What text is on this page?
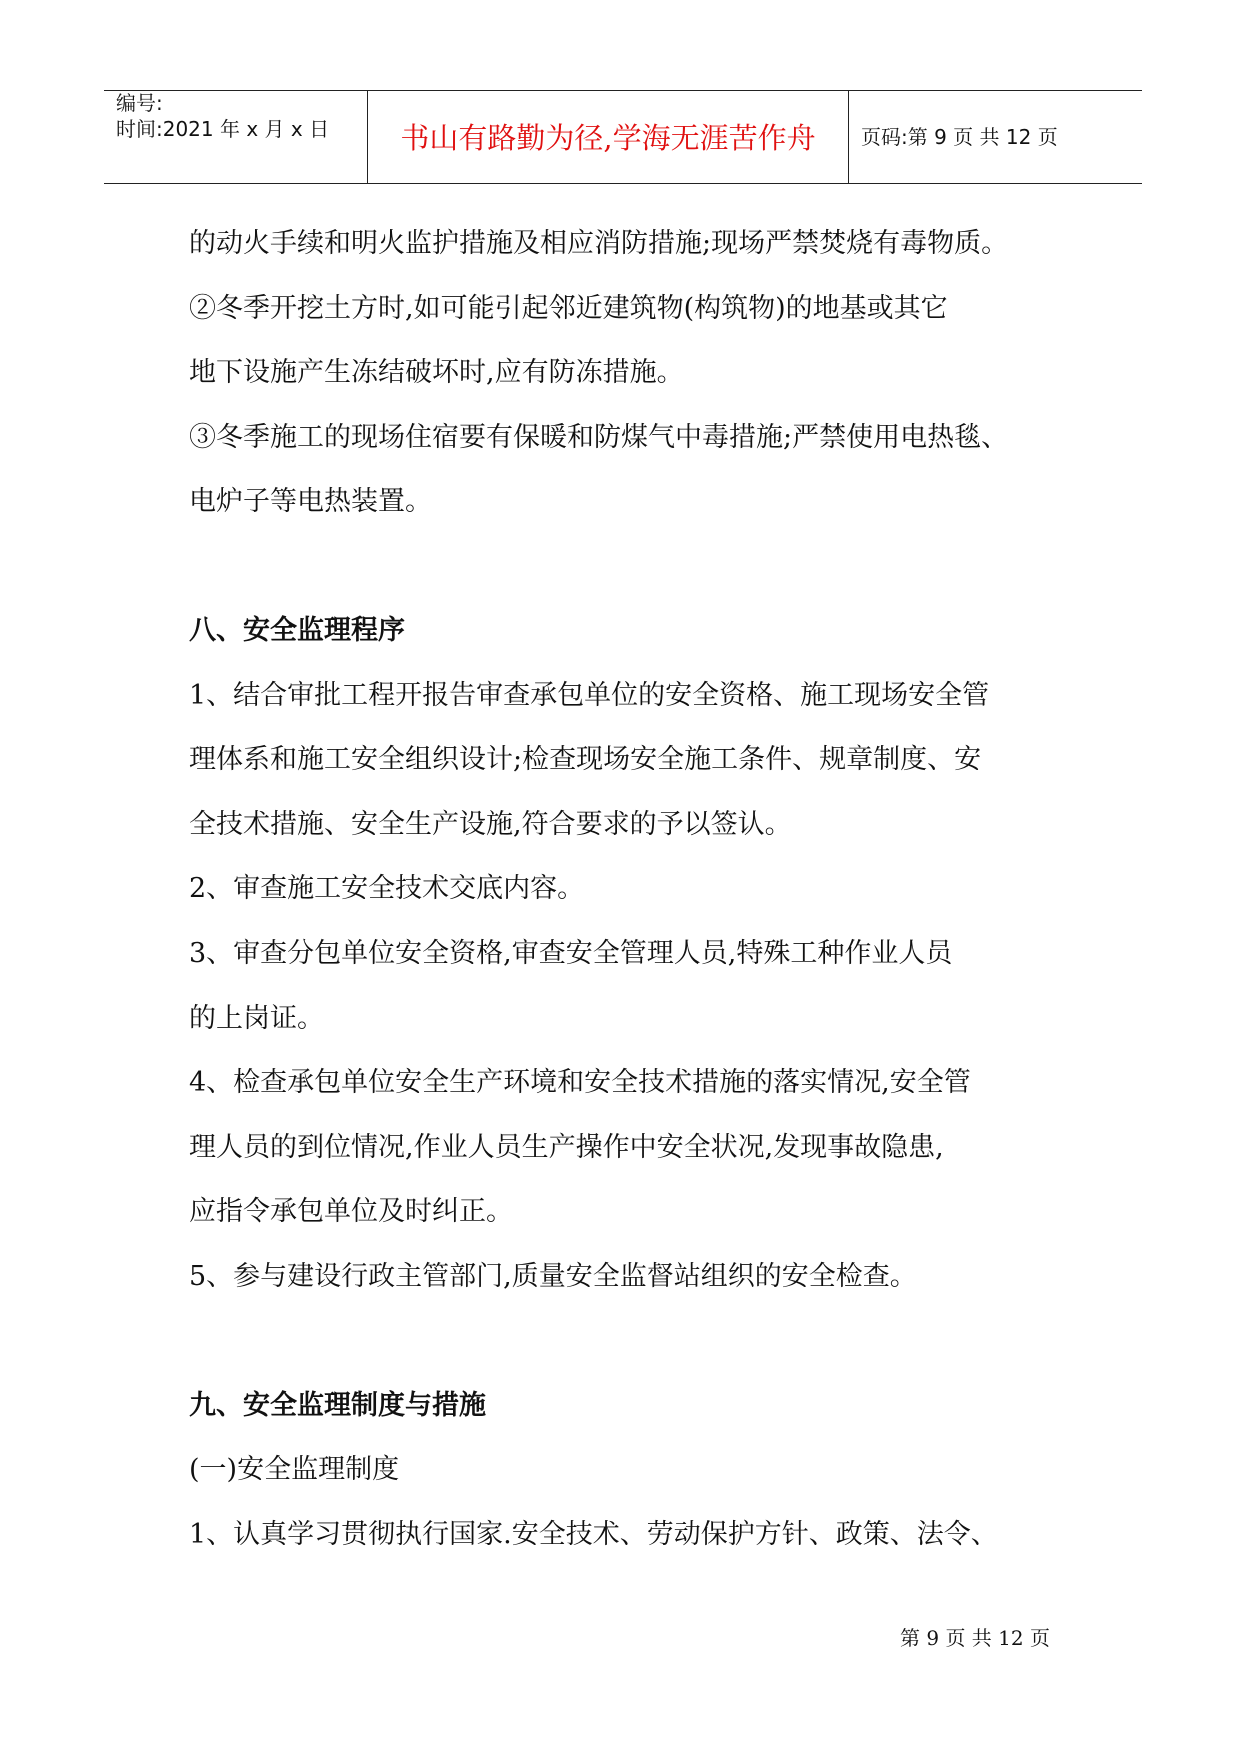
编号:
时间:2021 年 x 月 x 日	书山有路勤为径,学海无涯苦作舟	页码:第 9 页 共 12 页
的动火手续和明火监护措施及相应消防措施;现场严禁焚烧有毒物质。
②冬季开挖土方时,如可能引起邻近建筑物(构筑物)的地基或其它
地下设施产生冻结破坏时,应有防冻措施。
③冬季施工的现场住宿要有保暖和防煤气中毒措施;严禁使用电热毯、
电炉子等电热装置。
八、安全监理程序
1、结合审批工程开报告审查承包单位的安全资格、施工现场安全管
理体系和施工安全组织设计;检查现场安全施工条件、规章制度、安
全技术措施、安全生产设施,符合要求的予以签认。
2、审查施工安全技术交底内容。
3、审查分包单位安全资格,审查安全管理人员,特殊工种作业人员
的上岗证。
4、检查承包单位安全生产环境和安全技术措施的落实情况,安全管
理人员的到位情况,作业人员生产操作中安全状况,发现事故隐患,
应指令承包单位及时纠正。
5、参与建设行政主管部门,质量安全监督站组织的安全检查。
九、安全监理制度与措施
(一)安全监理制度
1、认真学习贯彻执行国家.安全技术、劳动保护方针、政策、法令、
第 9 页 共 12 页
